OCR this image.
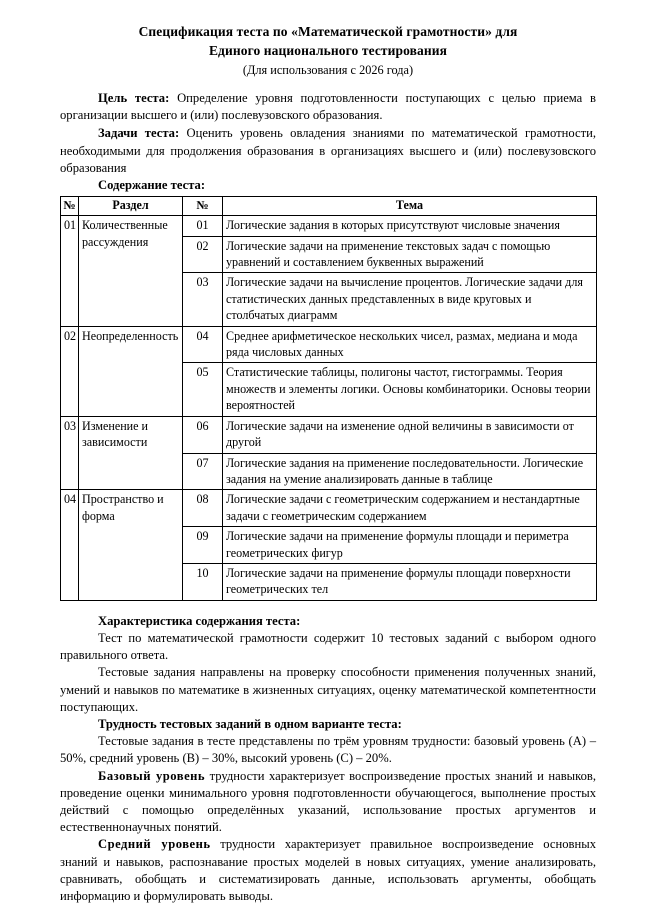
Спецификация теста по «Математической грамотности» для
Единого национального тестирования
(Для использования с 2026 года)

Цель теста: Определение уровня подготовленности поступающих с целью приема в организации высшего и (или) послевузовского образования.

Задачи теста: Оценить уровень овладения знаниями по математической грамотности, необходимыми для продолжения образования в организациях высшего и (или) послевузовского образования

Содержание теста:

№	Раздел	№	Тема
01	Количественные рассуждения	01	Логические задания в которых присутствуют числовые значения
		02	Логические задачи на применение текстовых задач с помощью уравнений и составлением буквенных выражений
		03	Логические задачи на вычисление процентов. Логические задачи для статистических данных представленных в виде круговых и столбчатых диаграмм
02	Неопределенность	04	Среднее арифметическое нескольких чисел, размах, медиана и мода ряда числовых данных
		05	Статистические таблицы, полигоны частот, гистограммы. Теория множеств и элементы логики. Основы комбинаторики. Основы теории вероятностей
03	Изменение и зависимости	06	Логические задачи на изменение одной величины в зависимости от другой
		07	Логические задания на применение последовательности. Логические задания на умение анализировать данные в таблице
04	Пространство и форма	08	Логические задачи с геометрическим содержанием и нестандартные задачи с геометрическим содержанием
		09	Логические задачи на применение формулы площади и периметра геометрических фигур
		10	Логические задачи на применение формулы площади поверхности геометрических тел

Характеристика содержания теста:

Тест по математической грамотности содержит 10 тестовых заданий с выбором одного правильного ответа.

Тестовые задания направлены на проверку способности применения полученных знаний, умений и навыков по математике в жизненных ситуациях, оценку математической компетентности поступающих.

Трудность тестовых заданий в одном варианте теста:

Тестовые задания в тесте представлены по трём уровням трудности: базовый уровень (А) – 50%, средний уровень (В) – 30%, высокий уровень (С) – 20%.

Базовый уровень трудности характеризует воспроизведение простых знаний и навыков, проведение оценки минимального уровня подготовленности обучающегося, выполнение простых действий с помощью определённых указаний, использование простых аргументов и естественнонаучных понятий.

Средний уровень трудности характеризует правильное воспроизведение основных знаний и навыков, распознавание простых моделей в новых ситуациях, умение анализировать, сравнивать, обобщать и систематизировать данные, использовать аргументы, обобщать информацию и формулировать выводы.
